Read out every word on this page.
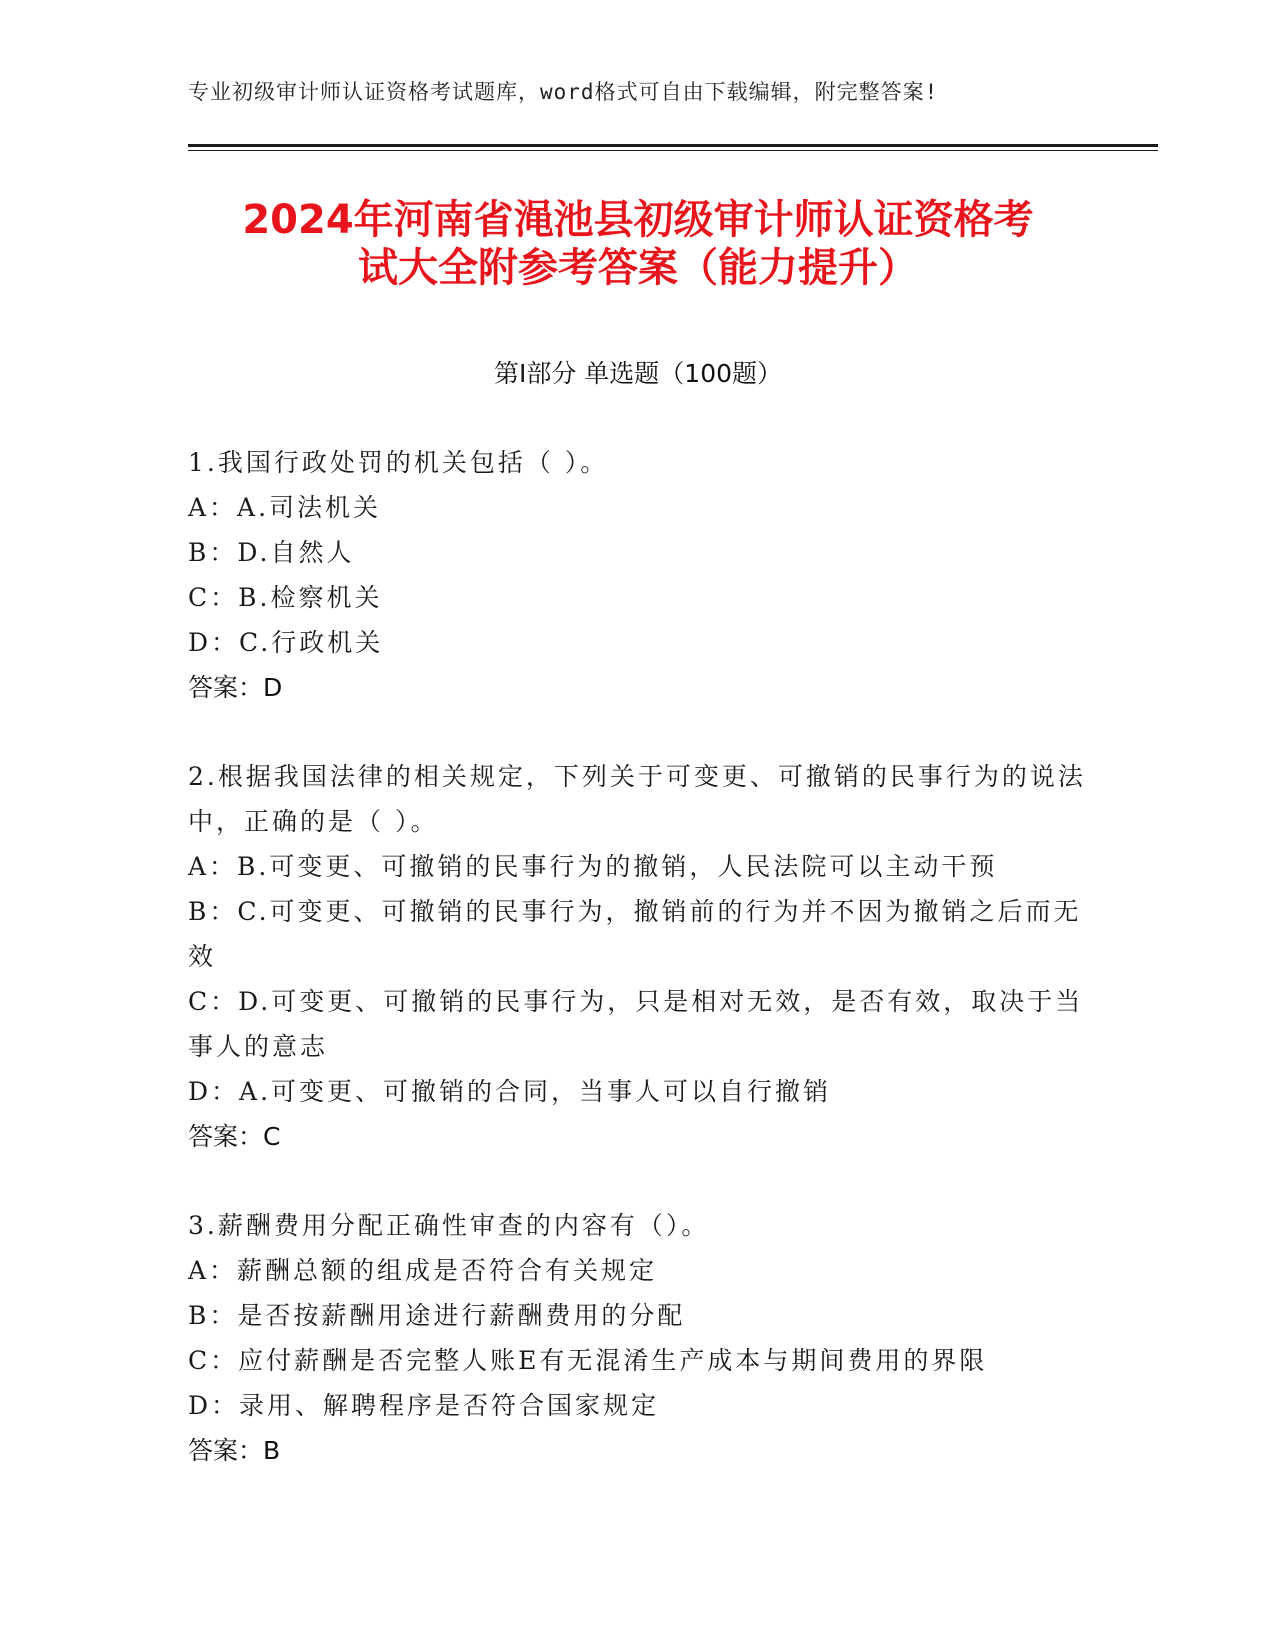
专业初级审计师认证资格考试题库，word格式可自由下载编辑，附完整答案!
2024年河南省渑池县初级审计师认证资格考
试大全附参考答案（能力提升）
第Ⅰ部分 单选题（100题）
1.我国行政处罚的机关包括（ ）。
A：A.司法机关
B：D.自然人
C：B.检察机关
D：C.行政机关
答案：D
2.根据我国法律的相关规定，下列关于可变更、可撤销的民事行为的说法中，正确的是（ ）。
A：B.可变更、可撤销的民事行为的撤销，人民法院可以主动干预
B：C.可变更、可撤销的民事行为，撤销前的行为并不因为撤销之后而无效
C：D.可变更、可撤销的民事行为，只是相对无效，是否有效，取决于当事人的意志
D：A.可变更、可撤销的合同，当事人可以自行撤销
答案：C
3.薪酬费用分配正确性审查的内容有（）。
A：薪酬总额的组成是否符合有关规定
B：是否按薪酬用途进行薪酬费用的分配
C：应付薪酬是否完整人账E有无混淆生产成本与期间费用的界限
D：录用、解聘程序是否符合国家规定
答案：B
